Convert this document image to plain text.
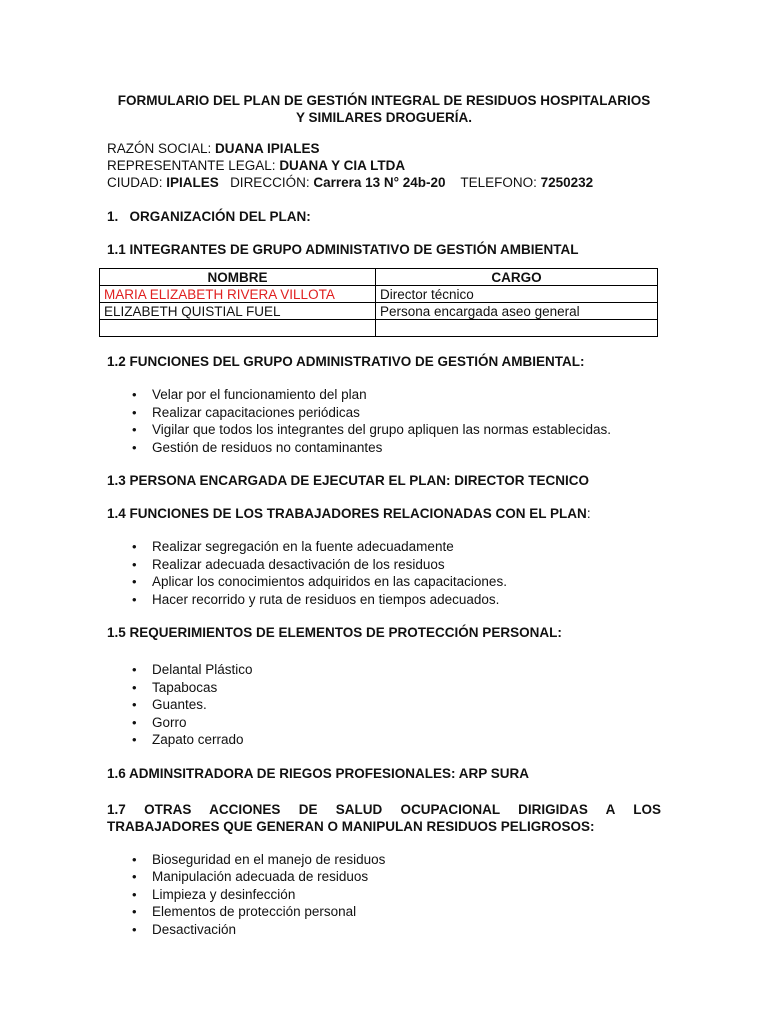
FORMULARIO DEL PLAN DE GESTIÓN INTEGRAL DE RESIDUOS HOSPITALARIOS
Y SIMILARES DROGUERÍA.
RAZÓN SOCIAL: DUANA IPIALES
REPRESENTANTE LEGAL: DUANA Y CIA LTDA
CIUDAD: IPIALES DIRECCIÓN: Carrera 13 N° 24b-20 TELEFONO: 7250232
1.   ORGANIZACIÓN DEL PLAN:
1.1 INTEGRANTES DE GRUPO ADMINISTATIVO DE GESTIÓN AMBIENTAL
NOMBRE	CARGO
MARIA ELIZABETH RIVERA VILLOTA	Director técnico
ELIZABETH QUISTIAL FUEL	Persona encargada aseo general

1.2 FUNCIONES DEL GRUPO ADMINISTRATIVO DE GESTIÓN AMBIENTAL:
• Velar por el funcionamiento del plan
• Realizar capacitaciones periódicas
• Vigilar que todos los integrantes del grupo apliquen las normas establecidas.
• Gestión de residuos no contaminantes
1.3 PERSONA ENCARGADA DE EJECUTAR EL PLAN: DIRECTOR TECNICO
1.4 FUNCIONES DE LOS TRABAJADORES RELACIONADAS CON EL PLAN:
• Realizar segregación en la fuente adecuadamente
• Realizar adecuada desactivación de los residuos
• Aplicar los conocimientos adquiridos en las capacitaciones.
• Hacer recorrido y ruta de residuos en tiempos adecuados.
1.5 REQUERIMIENTOS DE ELEMENTOS DE PROTECCIÓN PERSONAL:
• Delantal Plástico
• Tapabocas
• Guantes.
• Gorro
• Zapato cerrado
1.6 ADMINSITRADORA DE RIEGOS PROFESIONALES: ARP SURA
1.7 OTRAS ACCIONES DE SALUD OCUPACIONAL DIRIGIDAS A LOS
TRABAJADORES QUE GENERAN O MANIPULAN RESIDUOS PELIGROSOS:
• Bioseguridad en el manejo de residuos
• Manipulación adecuada de residuos
• Limpieza y desinfección
• Elementos de protección personal
• Desactivación
